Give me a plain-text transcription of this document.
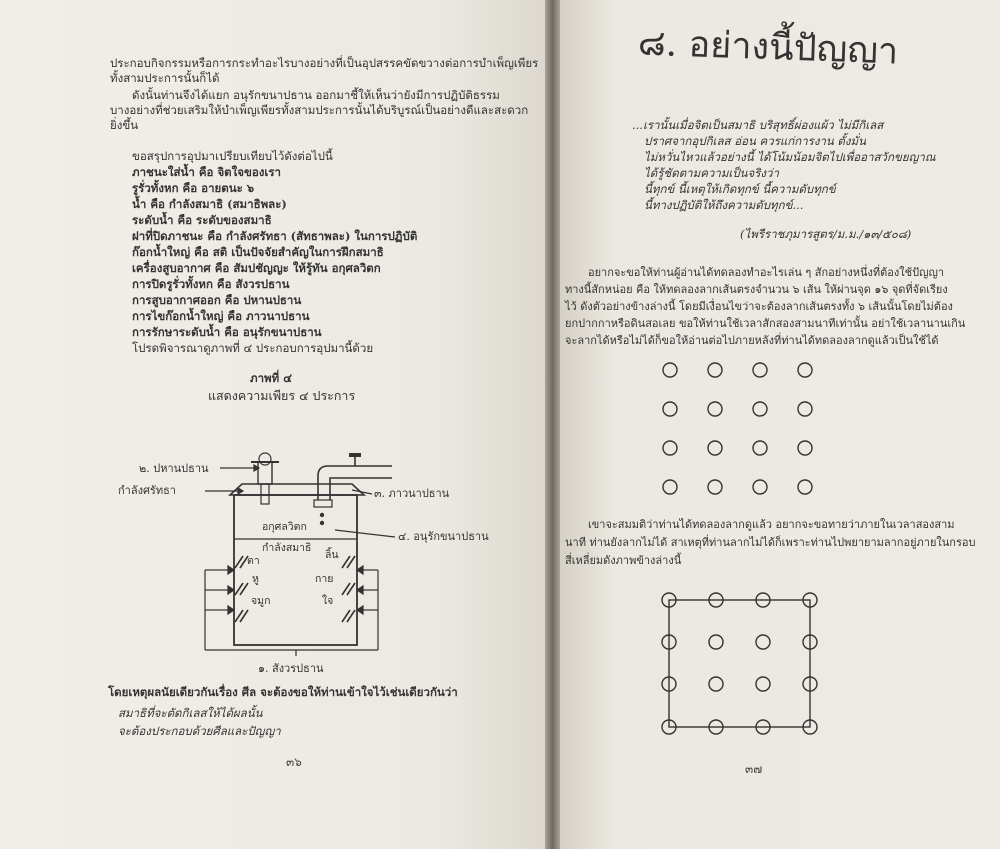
ประกอบกิจกรรมหรือการกระทำอะไรบางอย่างที่เป็นอุปสรรคขัดขวางต่อการบำเพ็ญเพียร
ทั้งสามประการนั้นก็ได้
ดังนั้นท่านจึงได้แยก อนุรักขนาปธาน ออกมาชี้ให้เห็นว่ายังมีการปฏิบัติธรรม
บางอย่างที่ช่วยเสริมให้บำเพ็ญเพียรทั้งสามประการนั้นได้บริบูรณ์เป็นอย่างดีและสะดวก
ยิ่งขึ้น
ขอสรุปการอุปมาเปรียบเทียบไว้ดังต่อไปนี้
ภาชนะใส่น้ำ คือ จิตใจของเรา
รูรั่วทั้งหก คือ อายตนะ ๖
น้ำ คือ กำลังสมาธิ (สมาธิพละ)
ระดับน้ำ คือ ระดับของสมาธิ
ฝาที่ปิดภาชนะ คือ กำลังศรัทธา (สัทธาพละ) ในการปฏิบัติ
ก๊อกน้ำใหญ่ คือ สติ เป็นปัจจัยสำคัญในการฝึกสมาธิ
เครื่องสูบอากาศ คือ สัมปชัญญะ ให้รู้ทัน อกุศลวิตก
การปิดรูรั่วทั้งหก คือ สังวรปธาน
การสูบอากาศออก คือ ปหานปธาน
การไขก๊อกน้ำใหญ่ คือ ภาวนาปธาน
การรักษาระดับน้ำ คือ อนุรักขนาปธาน
โปรดพิจารณาดูภาพที่ ๔ ประกอบการอุปมานี้ด้วย
ภาพที่ ๔
แสดงความเพียร ๔ ประการ
๒. ปหานปธาน
กำลังศรัทธา	๓. ภาวนาปธาน
๔. อนุรักขนาปธาน
อกุศลวิตก
กำลังสมาธิ
ตา	ลิ้น
หู	กาย
จมูก	ใจ
๑. สังวรปธาน
โดยเหตุผลนัยเดียวกันเรื่อง ศีล จะต้องขอให้ท่านเข้าใจไว้เช่นเดียวกันว่า
สมาธิที่จะตัดกิเลสให้ได้ผลนั้น
จะต้องประกอบด้วยศีลและปัญญา
๓๖
๘. อย่างนี้ปัญญา
...เรานั้นเมื่อจิตเป็นสมาธิ บริสุทธิ์ผ่องแผ้ว ไม่มีกิเลส
ปราศจากอุปกิเลส อ่อน ควรแก่การงาน ตั้งมั่น
ไม่หวั่นไหวแล้วอย่างนี้ ได้โน้มน้อมจิตไปเพื่ออาสวักขยญาณ
ได้รู้ชัดตามความเป็นจริงว่า
นี้ทุกข์ นี้เหตุให้เกิดทุกข์ นี้ความดับทุกข์
นี้ทางปฏิบัติให้ถึงความดับทุกข์...
(ไพรีราชภุมารสูตร/ม.ม./๑๓/๕๐๘)
อยากจะขอให้ท่านผู้อ่านได้ทดลองทำอะไรเล่น ๆ สักอย่างหนึ่งที่ต้องใช้ปัญญา
ทางนี้สักหน่อย คือ ให้ทดลองลากเส้นตรงจำนวน ๖ เส้น ให้ผ่านจุด ๑๖ จุดที่จัดเรียง
ไว้ ดังตัวอย่างข้างล่างนี้ โดยมีเงื่อนไขว่าจะต้องลากเส้นตรงทั้ง ๖ เส้นนั้นโดยไม่ต้อง
ยกปากกาหรือดินสอเลย ขอให้ท่านใช้เวลาสักสองสามนาทีเท่านั้น อย่าใช้เวลานานเกิน
จะลากได้หรือไม่ได้ก็ขอให้อ่านต่อไปภายหลังที่ท่านได้ทดลองลากดูแล้วเป็นใช้ได้
เขาจะสมมติว่าท่านได้ทดลองลากดูแล้ว อยากจะขอทายว่าภายในเวลาสองสาม
นาที ท่านยังลากไม่ได้ สาเหตุที่ท่านลากไม่ได้ก็เพราะท่านไปพยายามลากอยู่ภายในกรอบ
สี่เหลี่ยมดังภาพข้างล่างนี้
๓๗
